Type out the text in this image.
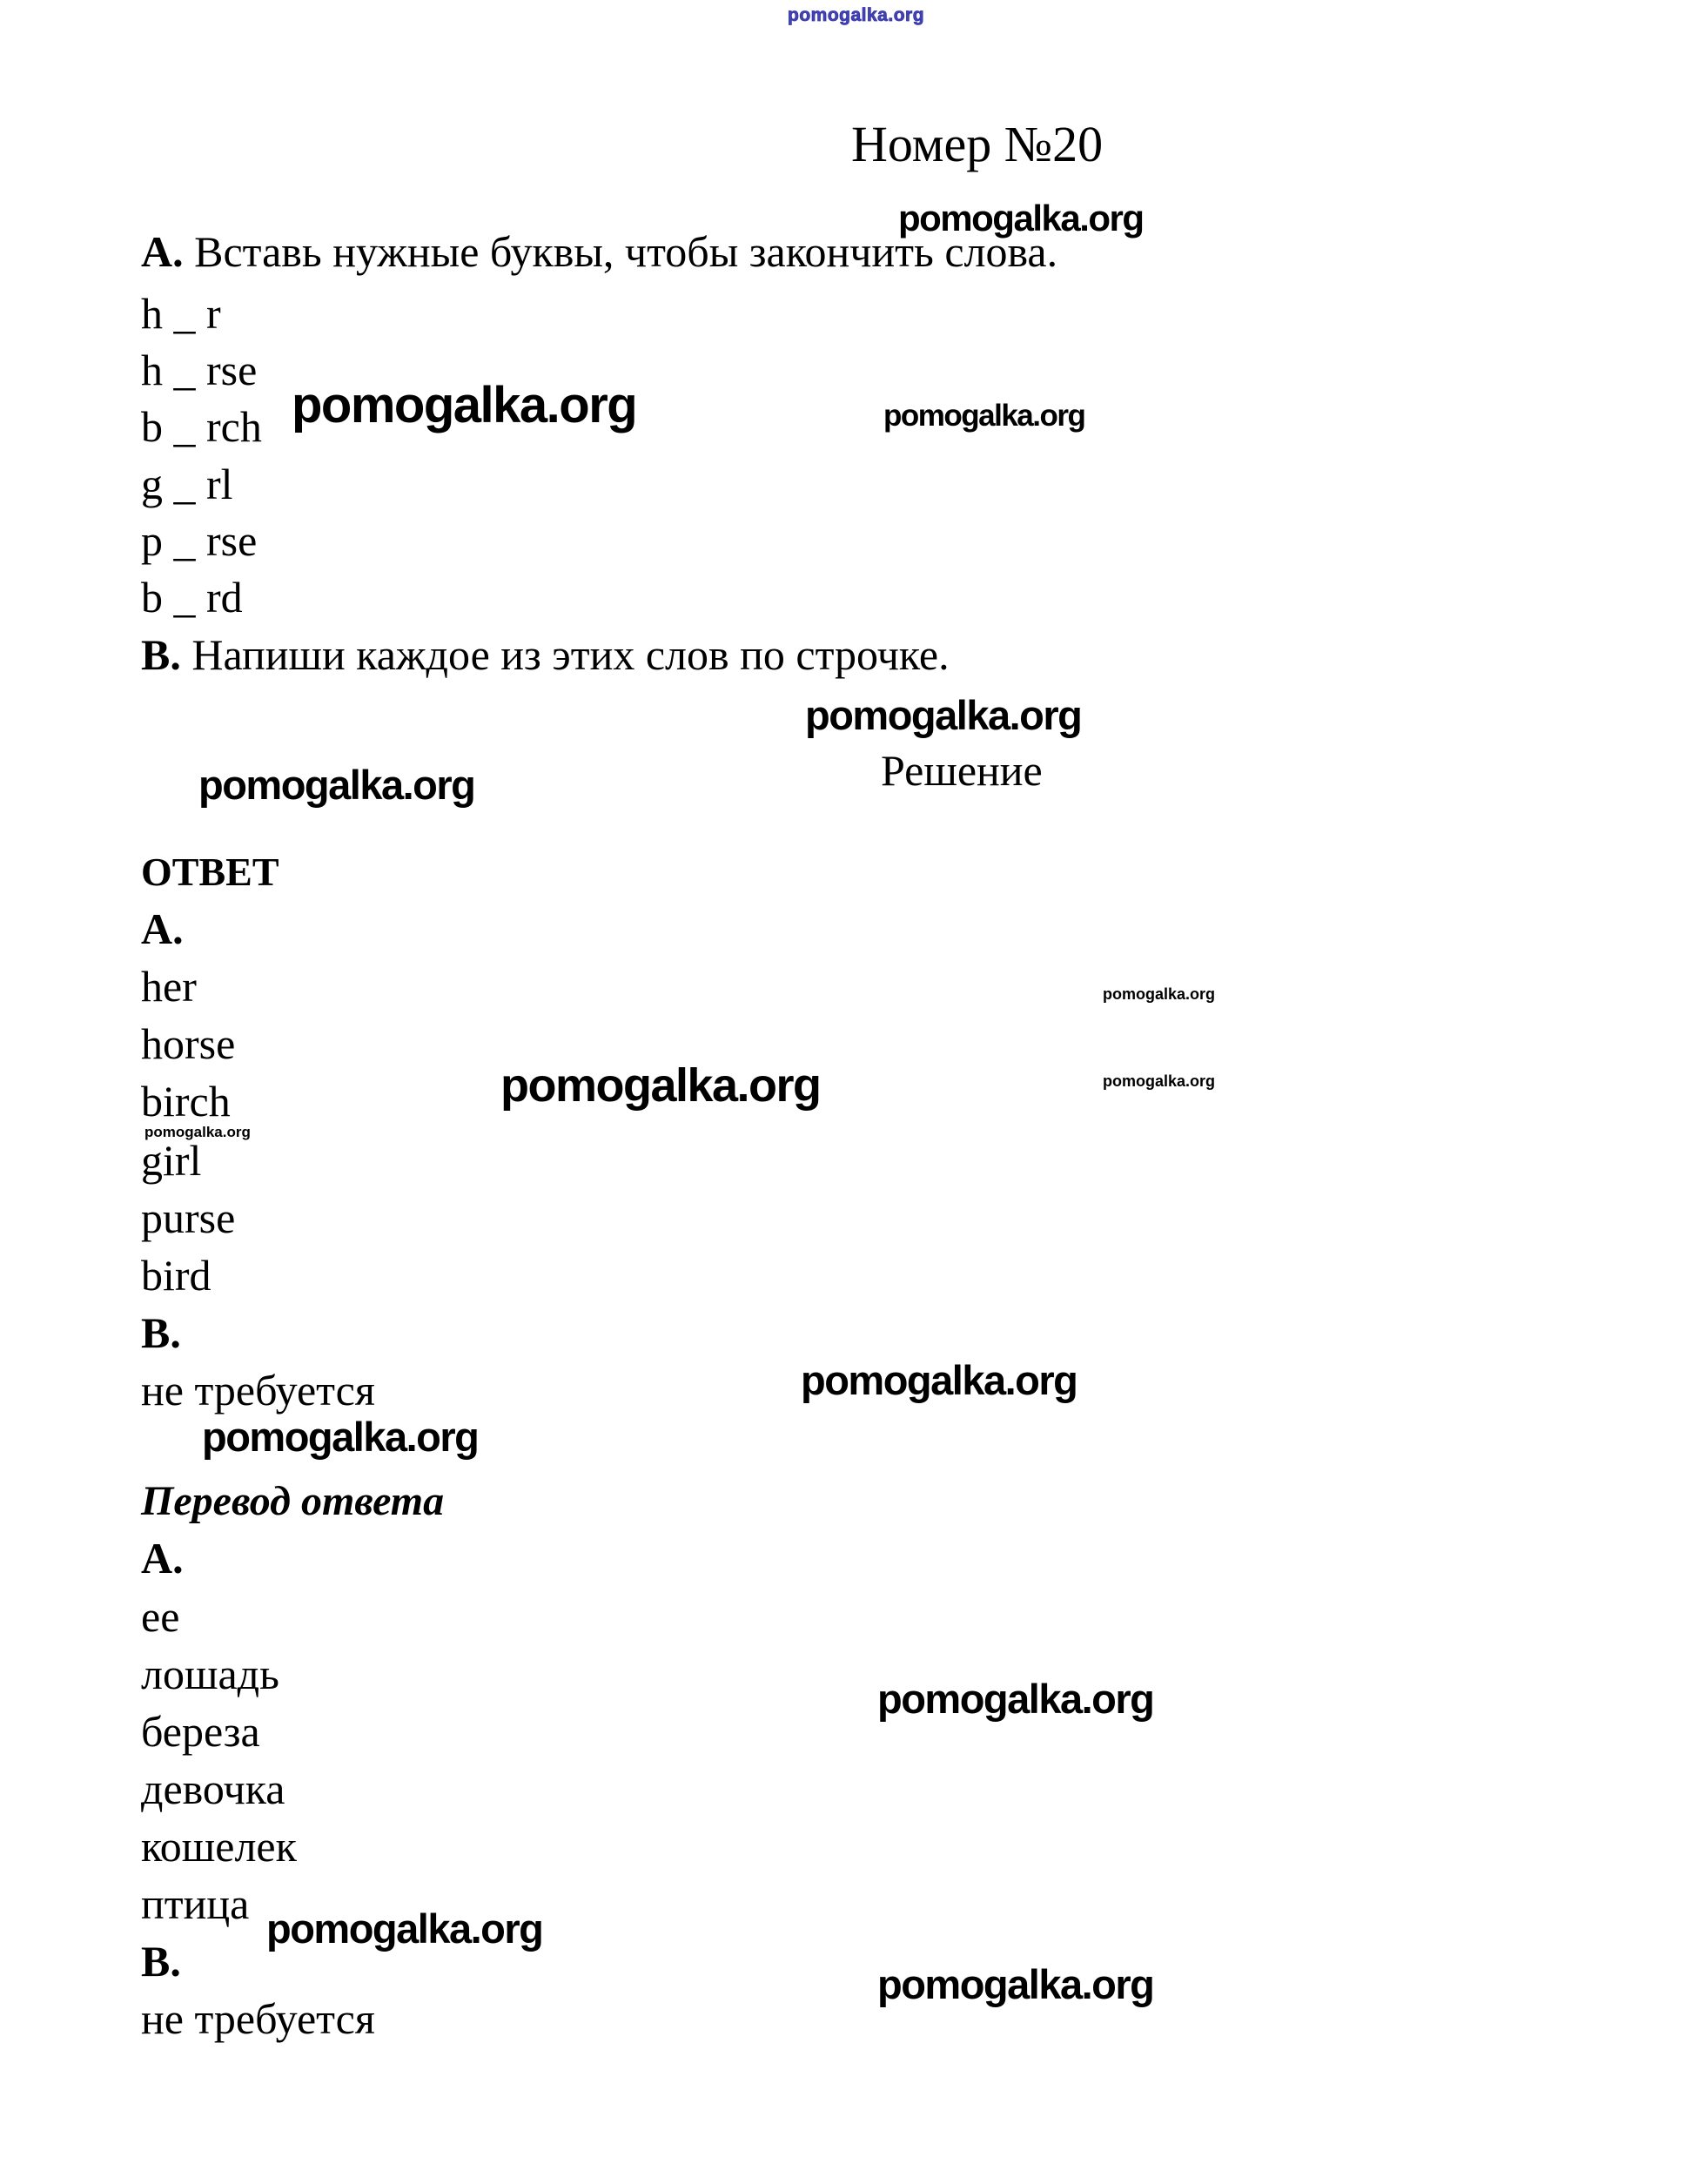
pomogalka.org
Номер №20
pomogalka.org
А. Вставь нужные буквы, чтобы закончить слова.
h _ r
h _ rse
b _ rch
g _ rl
p _ rse
b _ rd
pomogalka.org	pomogalka.org
В. Напиши каждое из этих слов по строчке.
pomogalka.org
Решение
pomogalka.org
ОТВЕТ
А.
her
horse
birch
girl
purse
bird
pomogalka.org
pomogalka.org	pomogalka.org
pomogalka.org
В.
не требуется	pomogalka.org
pomogalka.org
Перевод ответа
А.
ее
лошадь
береза
девочка
кошелек
птица
pomogalka.org
В.
pomogalka.org
не требуется
pomogalka.org
